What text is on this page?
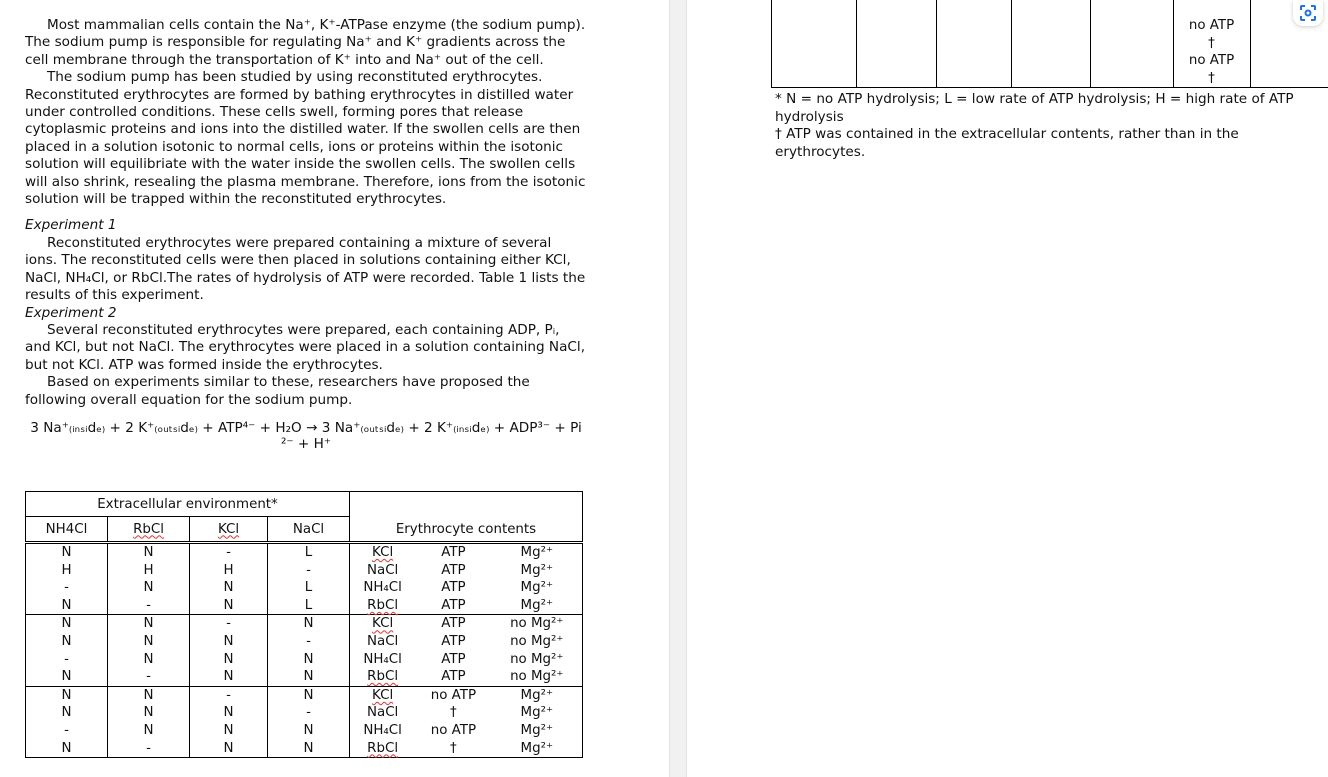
Most mammalian cells contain the Na⁺, K⁺-ATPase enzyme (the sodium pump). The sodium pump is responsible for regulating Na⁺ and K⁺ gradients across the cell membrane through the transportation of K⁺ into and Na⁺ out of the cell.

The sodium pump has been studied by using reconstituted erythrocytes. Reconstituted erythrocytes are formed by bathing erythrocytes in distilled water under controlled conditions. These cells swell, forming pores that release cytoplasmic proteins and ions into the distilled water. If the swollen cells are then placed in a solution isotonic to normal cells, ions or proteins within the isotonic solution will equilibriate with the water inside the swollen cells. The swollen cells will also shrink, resealing the plasma membrane. Therefore, ions from the isotonic solution will be trapped within the reconstituted erythrocytes.

Experiment 1

Reconstituted erythrocytes were prepared containing a mixture of several ions. The reconstituted cells were then placed in solutions containing either KCl, NaCl, NH₄Cl, or RbCl.The rates of hydrolysis of ATP were recorded. Table 1 lists the results of this experiment.

Experiment 2

Several reconstituted erythrocytes were prepared, each containing ADP, Pᵢ, and KCl, but not NaCl. The erythrocytes were placed in a solution containing NaCl, but not KCl. ATP was formed inside the erythrocytes.

Based on experiments similar to these, researchers have proposed the following overall equation for the sodium pump.

3 Na⁺₍ᵢₙₛᵢdₑ₎ + 2 K⁺₍ₒᵤₜₛᵢdₑ₎ + ATP⁴⁻ + H₂O → 3 Na⁺₍ₒᵤₜₛᵢdₑ₎ + 2 K⁺₍ᵢₙₛᵢdₑ₎ + ADP³⁻ + Pi ²⁻ + H⁺

Extracellular environment*				Erythrocyte contents		
NH4Cl	RbCl	KCl	NaCl			
N	N	-	L	KCl	ATP	Mg²⁺
H	H	H	-	NaCl	ATP	Mg²⁺
-	N	N	L	NH₄Cl	ATP	Mg²⁺
N	-	N	L	RbCl	ATP	Mg²⁺
N	N	-	N	KCl	ATP	no Mg²⁺
N	N	N	-	NaCl	ATP	no Mg²⁺
-	N	N	N	NH₄Cl	ATP	no Mg²⁺
N	-	N	N	RbCl	ATP	no Mg²⁺
N	N	-	N	KCl	no ATP	Mg²⁺
N	N	N	-	NaCl	†	Mg²⁺
-	N	N	N	NH₄Cl	no ATP	Mg²⁺
N	-	N	N	RbCl	†	Mg²⁺
no ATP
†
no ATP
†
* N = no ATP hydrolysis; L = low rate of ATP hydrolysis; H = high rate of ATP hydrolysis
† ATP was contained in the extracellular contents, rather than in the erythrocytes.
